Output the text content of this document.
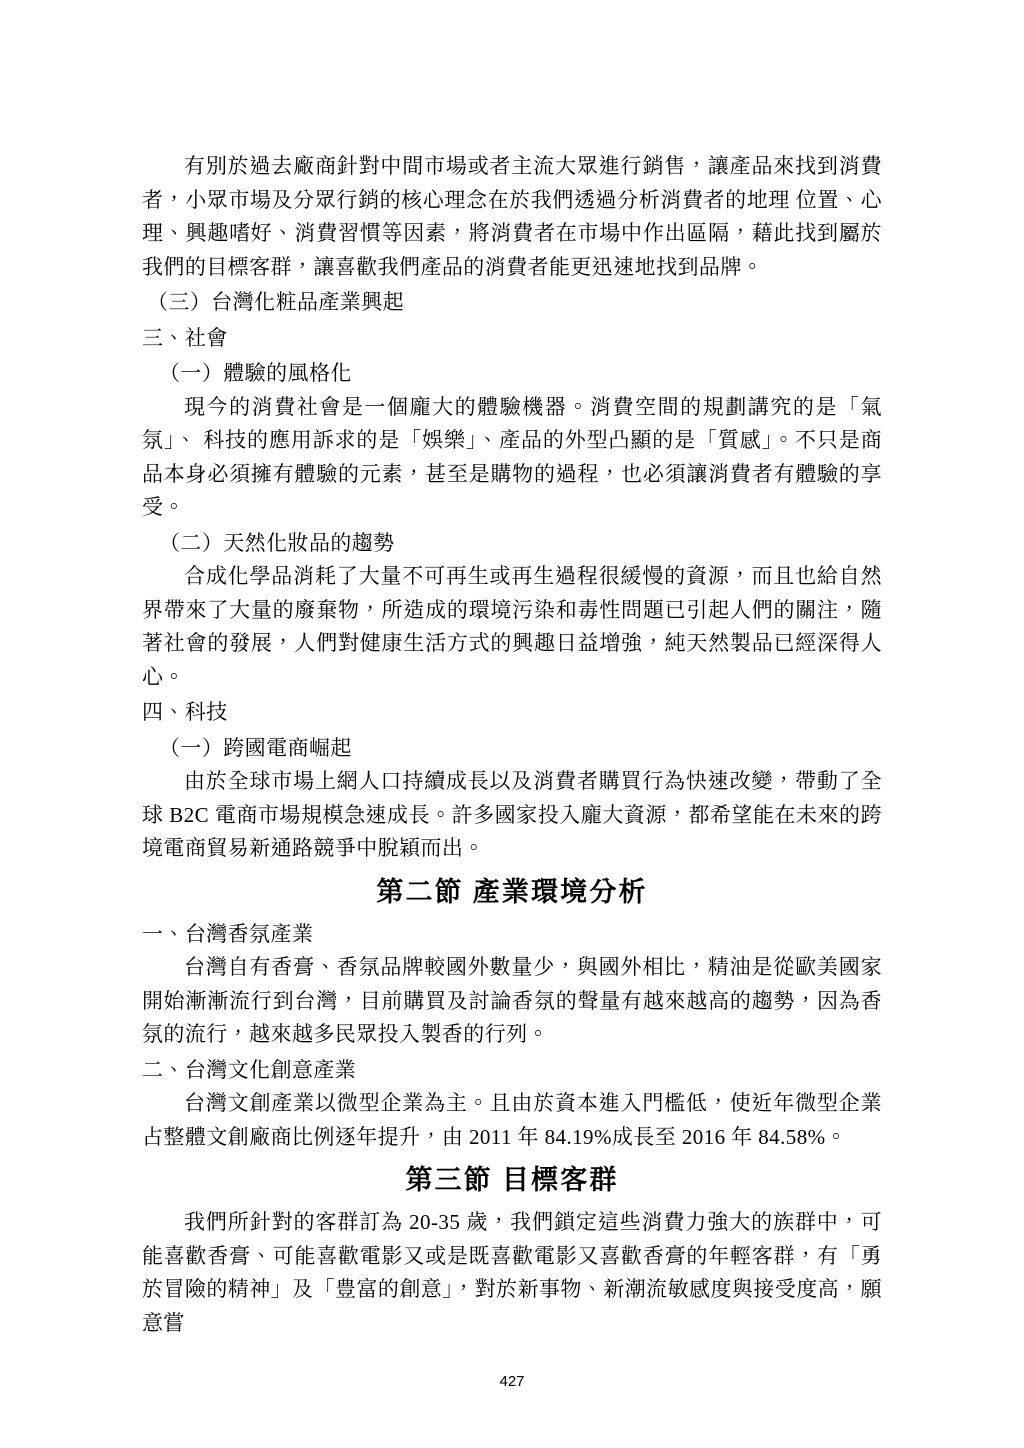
有別於過去廠商針對中間市場或者主流大眾進行銷售，讓產品來找到消費者，小眾市場及分眾行銷的核心理念在於我們透過分析消費者的地理 位置、心理、興趣嗜好、消費習慣等因素，將消費者在市場中作出區隔，藉此找到屬於我們的目標客群，讓喜歡我們產品的消費者能更迅速地找到品牌。

（三）台灣化粧品產業興起

三、社會

（一）體驗的風格化

現今的消費社會是一個龐大的體驗機器。消費空間的規劃講究的是「氣氛」、 科技的應用訴求的是「娛樂」、產品的外型凸顯的是「質感」。不只是商品本身必須擁有體驗的元素，甚至是購物的過程，也必須讓消費者有體驗的享受。

（二）天然化妝品的趨勢

合成化學品消耗了大量不可再生或再生過程很緩慢的資源，而且也給自然界帶來了大量的廢棄物，所造成的環境污染和毒性問題已引起人們的關注，隨著社會的發展，人們對健康生活方式的興趣日益增強，純天然製品已經深得人心。

四、科技

（一）跨國電商崛起

由於全球市場上網人口持續成長以及消費者購買行為快速改變，帶動了全球 B2C 電商市場規模急速成長。許多國家投入龐大資源，都希望能在未來的跨境電商貿易新通路競爭中脫穎而出。

第二節 產業環境分析

一、台灣香氛產業

台灣自有香膏、香氛品牌較國外數量少，與國外相比，精油是從歐美國家開始漸漸流行到台灣，目前購買及討論香氛的聲量有越來越高的趨勢，因為香氛的流行，越來越多民眾投入製香的行列。

二、台灣文化創意產業

台灣文創產業以微型企業為主。且由於資本進入門檻低，使近年微型企業占整體文創廠商比例逐年提升，由 2011 年 84.19%成長至 2016 年 84.58%。

第三節 目標客群

我們所針對的客群訂為 20-35 歲，我們鎖定這些消費力強大的族群中，可能喜歡香膏、可能喜歡電影又或是既喜歡電影又喜歡香膏的年輕客群，有「勇於冒險的精神」及「豊富的創意」，對於新事物、新潮流敏感度與接受度高，願意嘗

427
